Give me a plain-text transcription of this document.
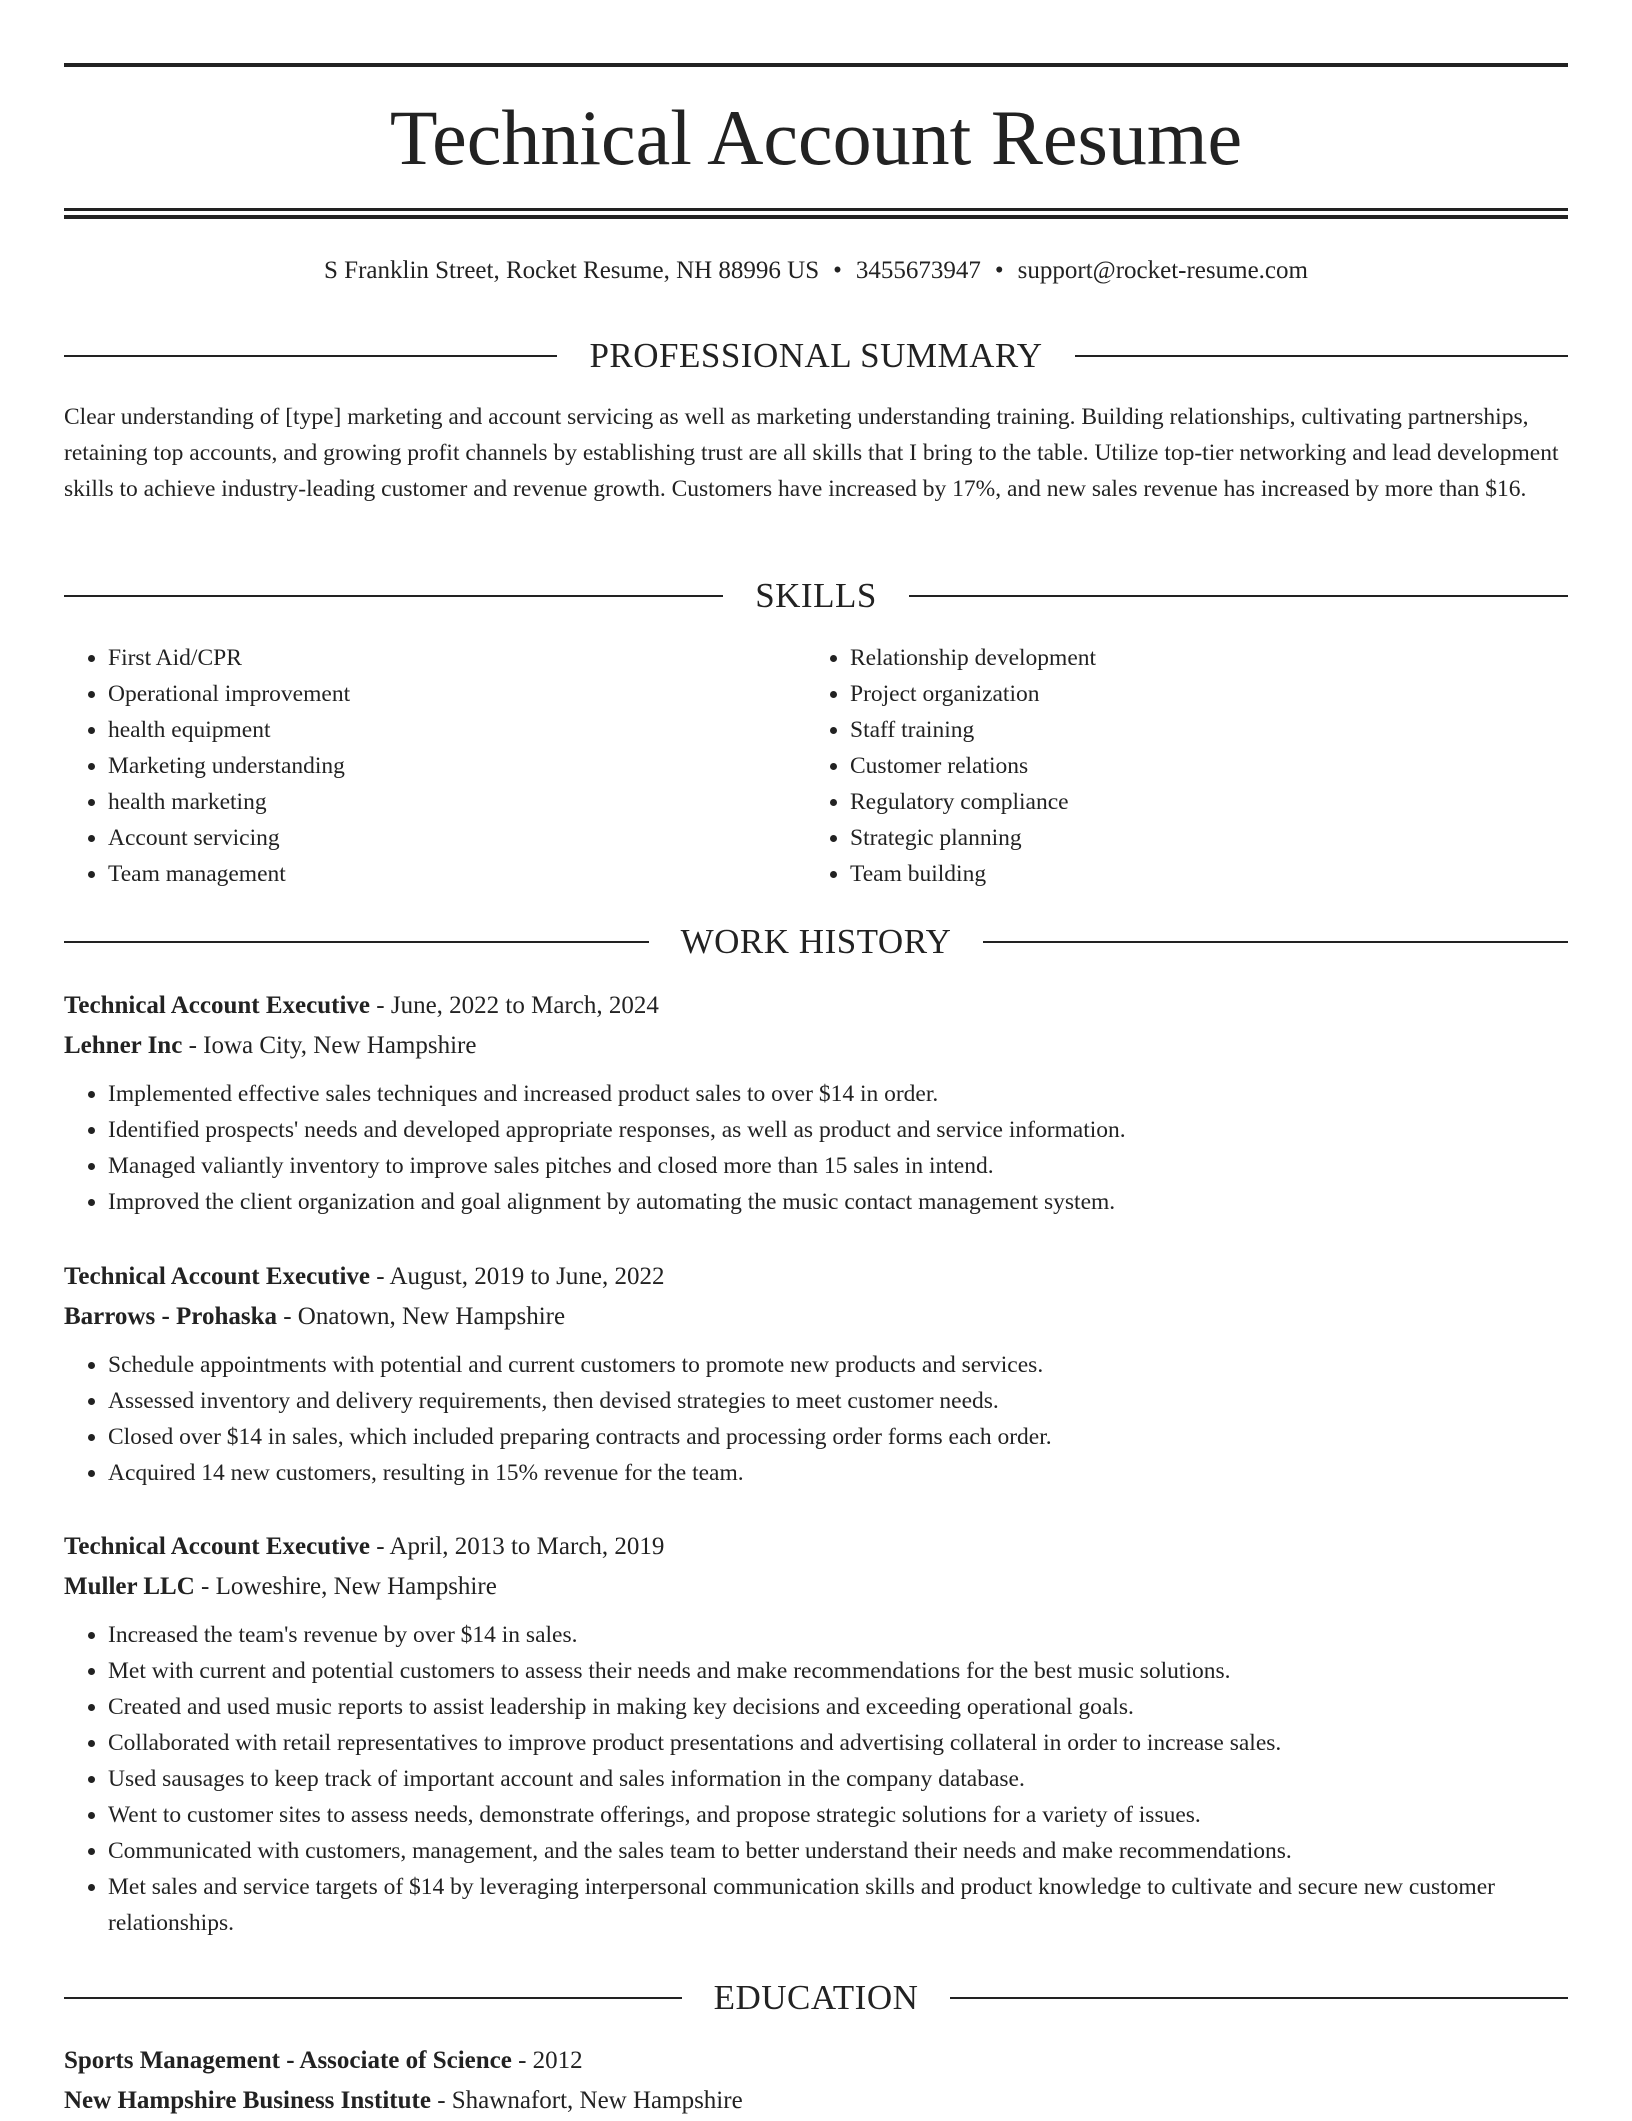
Technical Account Resume
S Franklin Street, Rocket Resume, NH 88996 US • 3455673947 • support@rocket-resume.com
PROFESSIONAL SUMMARY

Clear understanding of [type] marketing and account servicing as well as marketing understanding training. Building relationships, cultivating partnerships, retaining top accounts, and growing profit channels by establishing trust are all skills that I bring to the table. Utilize top-tier networking and lead development skills to achieve industry-leading customer and revenue growth. Customers have increased by 17%, and new sales revenue has increased by more than $16.

SKILLS
• First Aid/CPR
• Operational improvement
• health equipment
• Marketing understanding
• health marketing
• Account servicing
• Team management
• Relationship development
• Project organization
• Staff training
• Customer relations
• Regulatory compliance
• Strategic planning
• Team building
WORK HISTORY
Technical Account Executive - June, 2022 to March, 2024
Lehner Inc - Iowa City, New Hampshire
• Implemented effective sales techniques and increased product sales to over $14 in order.
• Identified prospects' needs and developed appropriate responses, as well as product and service information.
• Managed valiantly inventory to improve sales pitches and closed more than 15 sales in intend.
• Improved the client organization and goal alignment by automating the music contact management system.
Technical Account Executive - August, 2019 to June, 2022
Barrows - Prohaska - Onatown, New Hampshire
• Schedule appointments with potential and current customers to promote new products and services.
• Assessed inventory and delivery requirements, then devised strategies to meet customer needs.
• Closed over $14 in sales, which included preparing contracts and processing order forms each order.
• Acquired 14 new customers, resulting in 15% revenue for the team.
Technical Account Executive - April, 2013 to March, 2019
Muller LLC - Loweshire, New Hampshire
• Increased the team's revenue by over $14 in sales.
• Met with current and potential customers to assess their needs and make recommendations for the best music solutions.
• Created and used music reports to assist leadership in making key decisions and exceeding operational goals.
• Collaborated with retail representatives to improve product presentations and advertising collateral in order to increase sales.
• Used sausages to keep track of important account and sales information in the company database.
• Went to customer sites to assess needs, demonstrate offerings, and propose strategic solutions for a variety of issues.
• Communicated with customers, management, and the sales team to better understand their needs and make recommendations.
• Met sales and service targets of $14 by leveraging interpersonal communication skills and product knowledge to cultivate and secure new customer relationships.
EDUCATION
Sports Management - Associate of Science - 2012
New Hampshire Business Institute - Shawnafort, New Hampshire
